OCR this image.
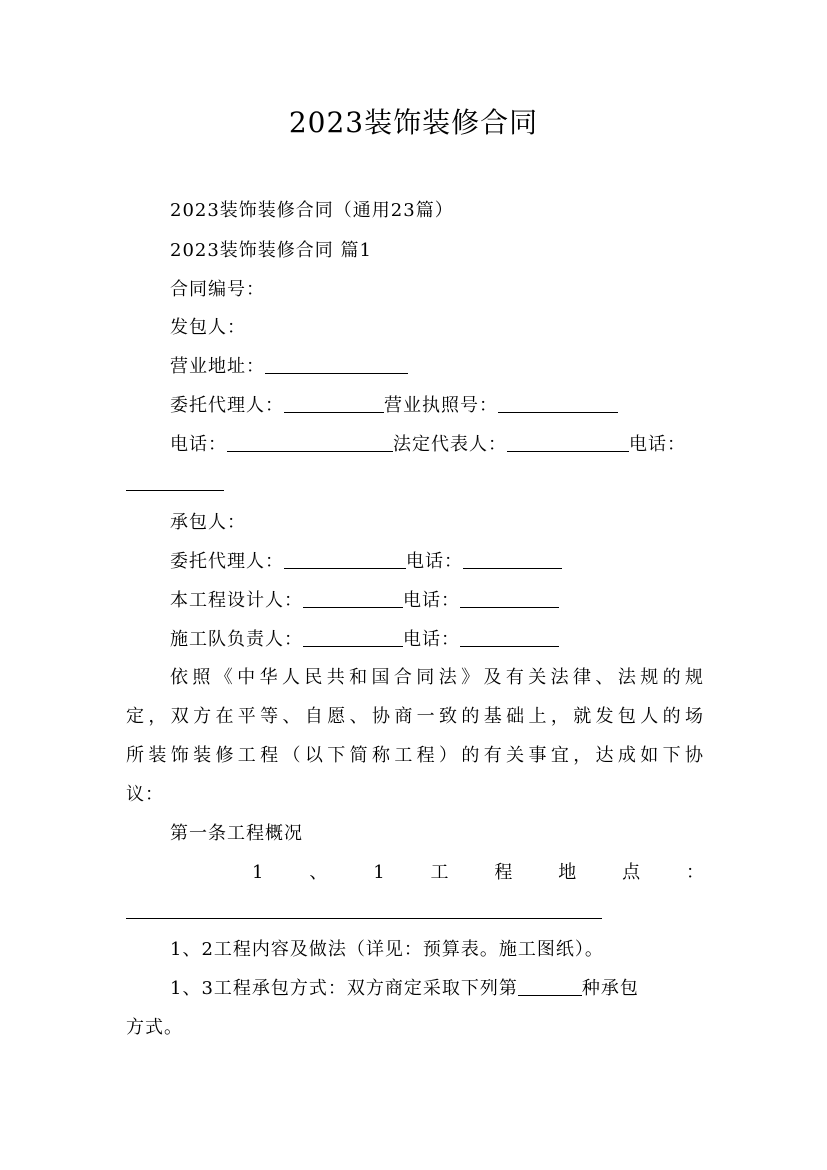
2023装饰装修合同
2023装饰装修合同（通用23篇）
2023装饰装修合同 篇1
合同编号：
发包人：
营业地址：
委托代理人：	营业执照号：
电话：	法定代表人：	电话：
承包人：
委托代理人：	电话：
本工程设计人：	电话：
施工队负责人：	电话：
依照《中华人民共和国合同法》及有关法律、法规的规
定，双方在平等、自愿、协商一致的基础上，就发包人的场
所装饰装修工程（以下简称工程）的有关事宜，达成如下协
议：
第一条工程概况
1、1工程地点：
1、2工程内容及做法（详见：预算表。施工图纸）。
1、3工程承包方式：双方商定采取下列第	种承包
方式。
